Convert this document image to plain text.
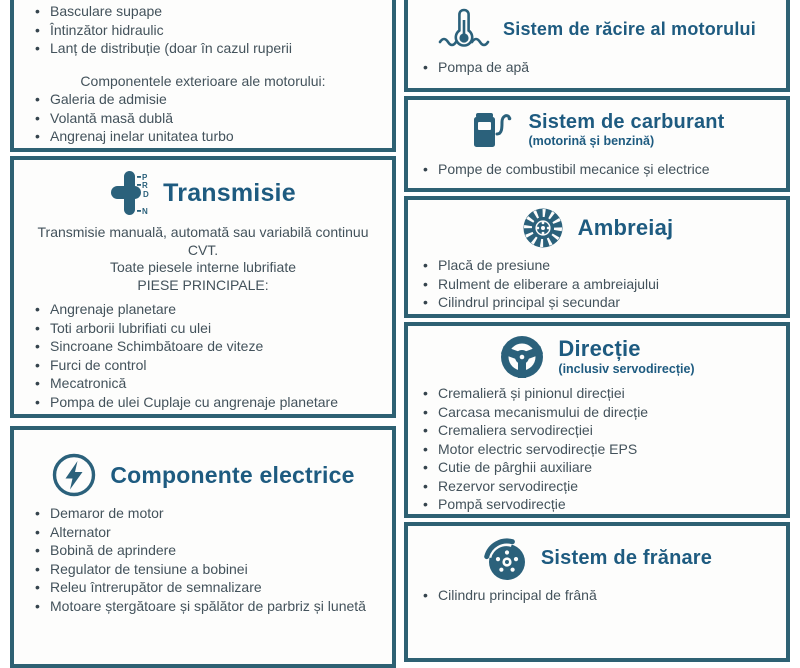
• Basculare supape
• Întinzător hidraulic
• Lanț de distribuție (doar în cazul ruperii
Componentele exterioare ale motorului:
• Galeria de admisie
• Volantă masă dublă
• Angrenaj inelar unitatea turbo
P
R
D
N
Transmisie

Transmisie manuală, automată sau variabilă continuu CVT.

Toate piesele interne lubrifiate

PIESE PRINCIPALE:

• Angrenaje planetare
• Toti arborii lubrifiati cu ulei
• Sincroane Schimbătoare de viteze
• Furci de control
• Mecatronică
• Pompa de ulei Cuplaje cu angrenaje planetare
Componente electrice
• Demaror de motor
• Alternator
• Bobină de aprindere
• Regulator de tensiune a bobinei
• Releu întrerupător de semnalizare
• Motoare ștergătoare și spălător de parbriz și lunetă
Sistem de răcire al motorului
• Pompa de apă
Sistem de carburant

(motorină și benzină)

• Pompe de combustibil mecanice și electrice
Ambreiaj
• Placă de presiune
• Rulment de eliberare a ambreiajului
• Cilindrul principal și secundar
Direcție

(inclusiv servodirecție)

• Cremalieră și pinionul direcției
• Carcasa mecanismului de direcție
• Cremaliera servodirecției
• Motor electric servodirecție EPS
• Cutie de pârghii auxiliare
• Rezervor servodirecție
• Pompă servodirecție
Sistem de frănare
• Cilindru principal de frână
